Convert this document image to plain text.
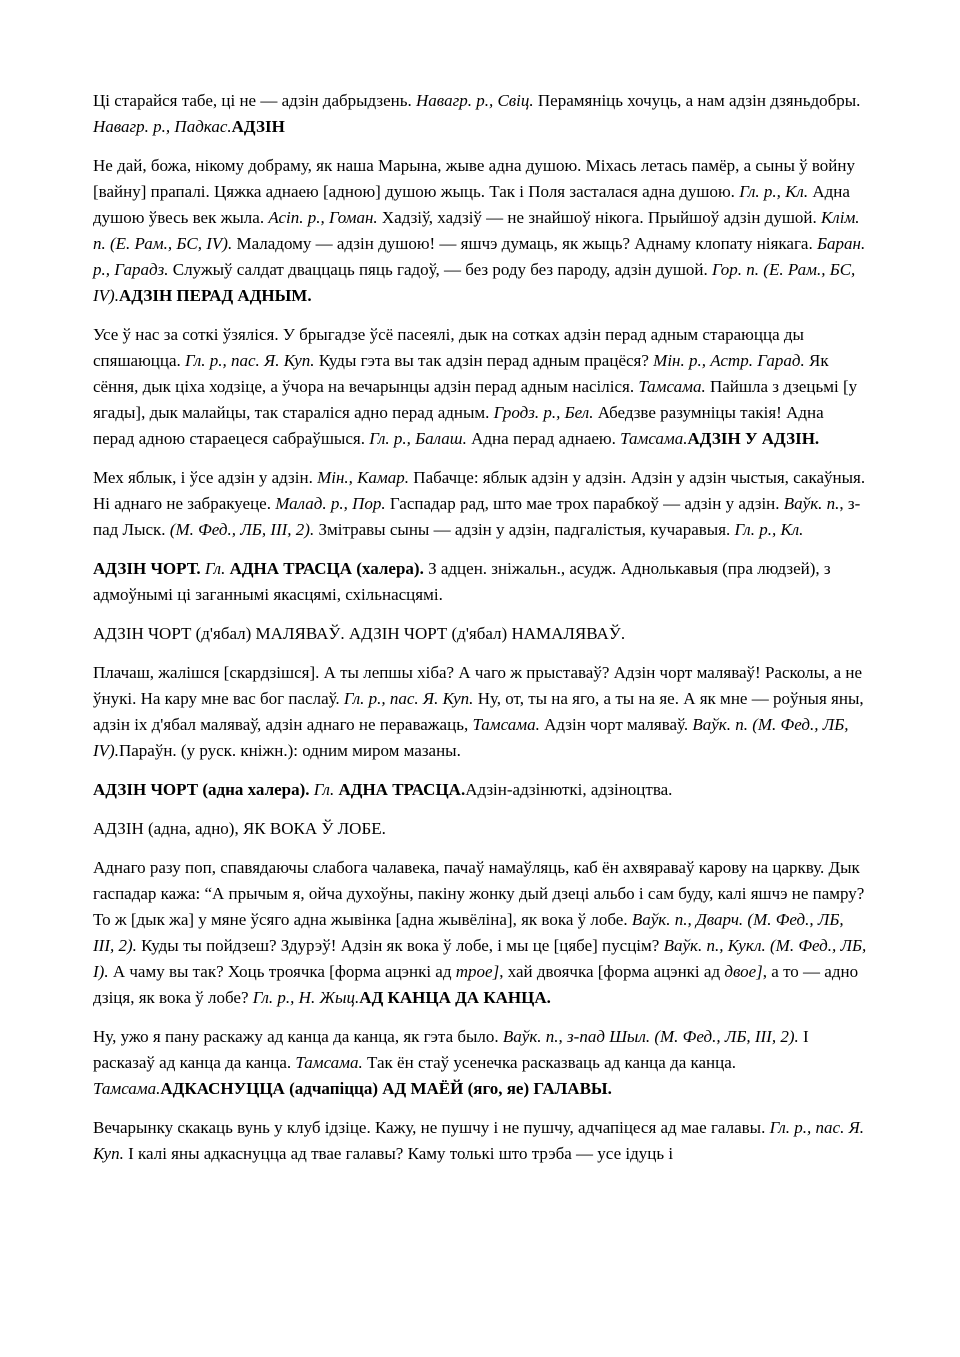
Ці старайся табе, ці не — адзін дабрыдзень. Навагр. р., Свіц. Перамяніць хочуць, а нам адзін дзяньдобры. Навагр. р., Падкас.АДЗІН

Не дай, божа, нікому добраму, як наша Марына, жыве адна душою. Міхась летась памёр, а сыны ў войну [вайну] прапалі. Цяжка аднаею [адною] душою жыць. Так і Поля засталася адна душою. Гл. р., Кл. Адна душою ўвесь век жыла. Асіп. р., Гоман. Хадзіў, хадзіў — не знайшоў нікога. Прыйшоў адзін душой. Клім. п. (Е. Рам., БС, IV). Маладому — адзін душою! — яшчэ думаць, як жыць? Аднаму клопату ніякага. Баран. р., Гарадз. Служыў салдат дваццаць пяць гадоў, — без роду без пароду, адзін душой. Гор. п. (Е. Рам., БС, IV).АДЗІН ПЕРАД АДНЫМ.

Усе ў нас за соткі ўзяліся. У брыгадзе ўсё пасеялі, дык на сотках адзін перад адным стараюцца ды спяшаюцца. Гл. р., пас. Я. Куп. Куды гэта вы так адзін перад адным працёся? Мін. р., Астр. Гарад. Як сёння, дык ціха ходзіце, а ўчора на вечарынцы адзін перад адным насіліся. Тамсама. Пайшла з дзецьмі [у ягады], дык малайцы, так стараліся адно перад адным. Гродз. р., Бел. Абедзве разумніцы такія! Адна перад адною стараецеся сабраўшыся. Гл. р., Балаш. Адна перад аднаею. Тамсама.АДЗІН У АДЗІН.

Мех яблык, і ўсе адзін у адзін. Мін., Камар. Пабачце: яблык адзін у адзін. Адзін у адзін чыстыя, сакаўныя. Ні аднаго не забракуеце. Малад. р., Пор. Гаспадар рад, што мае трох парабкоў — адзін у адзін. Ваўк. п., з-пад Лыск. (М. Фед., ЛБ, ІІІ, 2). Змітравы сыны — адзін у адзін, падгалістыя, кучаравыя. Гл. р., Кл.

АДЗІН ЧОРТ. Гл. АДНА ТРАСЦА (халера). З адцен. зніжальн., асудж. Аднолькавыя (пра людзей), з адмоўнымі ці заганнымі якасцямі, схільнасцямі.

АДЗІН ЧОРТ (д'ябал) МАЛЯВАЎ. АДЗІН ЧОРТ (д'ябал) НАМАЛЯВАЎ.

Плачаш, жалішся [скардзішся]. А ты лепшы хіба? А чаго ж прыставаў? Адзін чорт маляваў! Расколы, а не ўнукі. На кару мне вас бог паслаў. Гл. р., пас. Я. Куп. Ну, от, ты на яго, а ты на яе. А як мне — роўныя яны, адзін іх д'ябал маляваў, адзін аднаго не пераважаць, Тамсама. Адзін чорт маляваў. Ваўк. п. (М. Фед., ЛБ, IV).Параўн. (у руск. кніжн.): одним миром мазаны.

АДЗІН ЧОРТ (адна халера). Гл. АДНА ТРАСЦА.Адзін-адзінюткі, адзіноцтва.

АДЗІН (адна, адно), ЯК ВОКА Ў ЛОБЕ.

Аднаго разу поп, спавядаючы слабога чалавека, пачаў намаўляць, каб ён ахвяраваў карову на царкву. Дык гаспадар кажа: “А прычым я, ойча духоўны, пакіну жонку дый дзеці альбо і сам буду, калі яшчэ не памру? То ж [дык жа] у мяне ўсяго адна жывінка [адна жывёліна], як вока ў лобе. Ваўк. п., Дварч. (М. Фед., ЛБ, ІІІ, 2). Куды ты пойдзеш? Здурэў! Адзін як вока ў лобе, і мы це [цябе] пусцім? Ваўк. п., Кукл. (М. Фед., ЛБ, І). А чаму вы так? Хоць троячка [форма ацэнкі ад трое], хай двоячка [форма ацэнкі ад двое], а то — адно дзіця, як вока ў лобе? Гл. р., Н. Жыц.АД КАНЦА ДА КАНЦА.

Ну, ужо я пану раскажу ад канца да канца, як гэта было. Ваўк. п., з-пад Шыл. (М. Фед., ЛБ, ІІІ, 2). І расказаў ад канца да канца. Тамсама. Так ён стаў усенечка расказваць ад канца да канца. Тамсама.АДКАСНУЦЦА (адчапіцца) АД МАЁЙ (яго, яе) ГАЛАВЫ.

Вечарынку скакаць вунь у клуб ідзіце. Кажу, не пушчу і не пушчу, адчапіцеся ад мае галавы. Гл. р., пас. Я. Куп. І калі яны адкаснуцца ад твае галавы? Каму толькі што трэба — усе ідуць і
